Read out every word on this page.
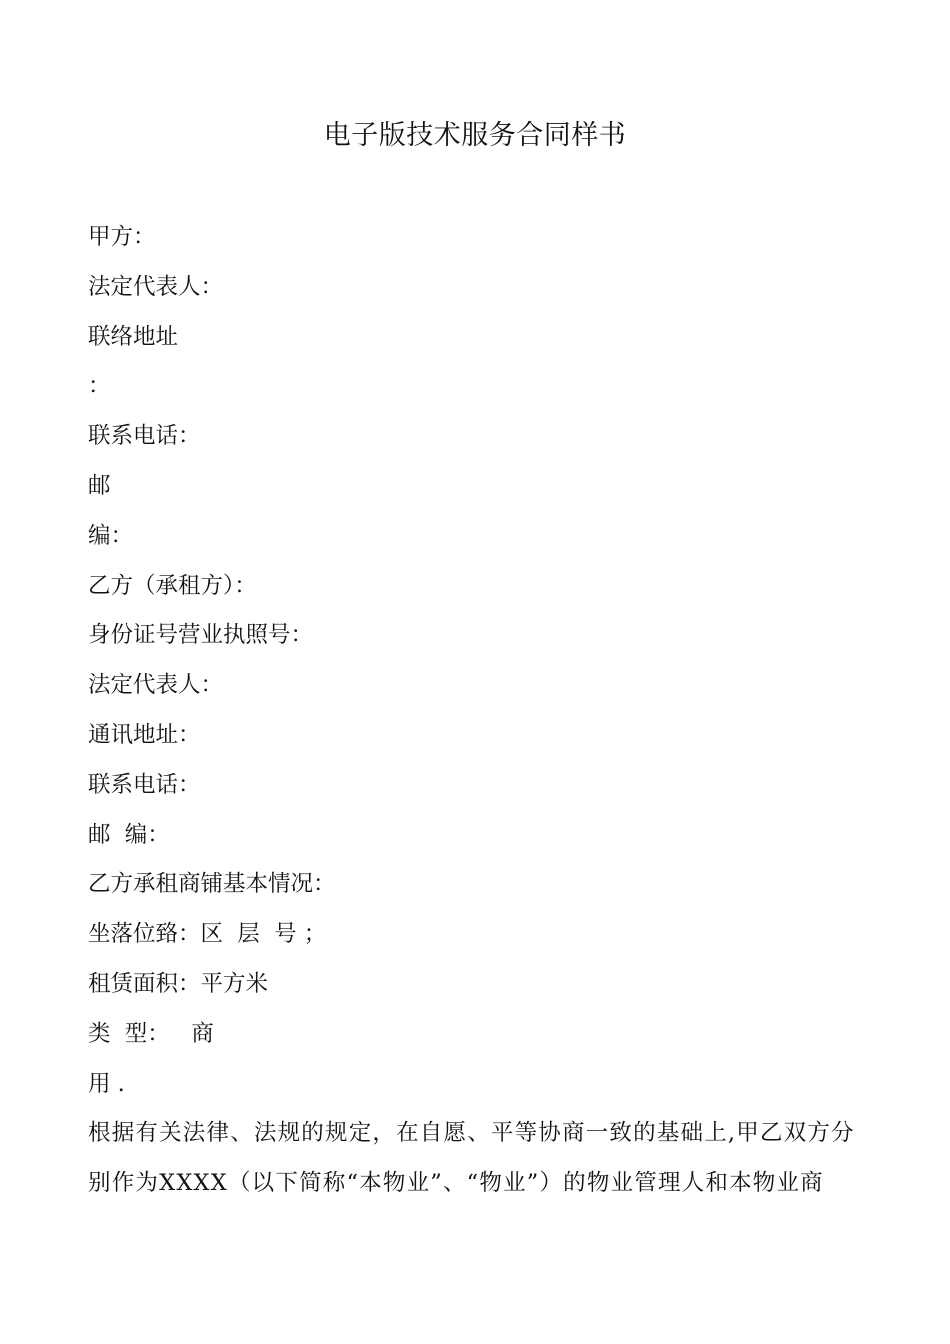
电子版技术服务合同样书
甲方：
法定代表人：
联络地址
：
联系电话：
邮
编：
乙方（承租方）：
身份证号营业执照号：
法定代表人：
通讯地址：
联系电话：
邮  编：
乙方承租商铺基本情况：
坐落位臵：区  层  号 ；
租赁面积：平方米
类  型：   商
用 .
根据有关法律、法规的规定，在自愿、平等协商一致的基础上,甲乙双方分
别作为XXXX（以下简称“本物业”、“物业”）的物业管理人和本物业商
